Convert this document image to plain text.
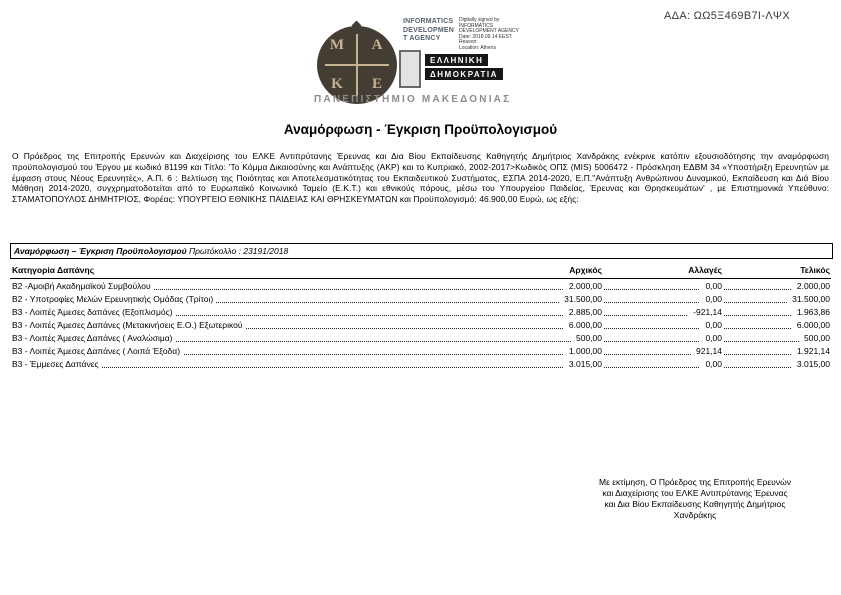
ΑΔΑ: ΩΩ5Ξ469Β7Ι-ΛΨΧ
Μ	Α
Κ	Ε
ΕΛΛΗΝΙΚΗ
ΔΗΜΟΚΡΑΤΙΑ
ΠΑΝΕΠΙΣΤΗΜΙΟ ΜΑΚΕΔΟΝΙΑΣ
INFORMATICS
DEVELOPMEN
T AGENCY
Digitally signed by
INFORMATICS
DEVELOPMENT AGENCY
Date: 2018.09.14 EEST
Reason:
Location: Athens
Αναμόρφωση - Έγκριση Προϋπολογισμού

Ο Πρόεδρος της Επιτροπής Ερευνών και Διαχείρισης του ΕΛΚΕ Αντιπρύτανης Έρευνας και Δια Βίου Εκπαίδευσης Καθηγητής Δημήτριος Χανδράκης ενέκρινε κατόπιν εξουσιοδότησης την αναμόρφωση προϋπολογισμού του Έργου με κωδικό 81199 και Τίτλο: 'Το Κόμμα Δικαιοσύνης και Ανάπτυξης (ΑΚΡ) και το Κυπριακό, 2002-2017>Κωδικός ΟΠΣ (MIS) 5006472 - Πρόσκληση ΕΔΒΜ 34 «Υποστήριξη Ερευνητών με έμφαση στους Νέους Ερευνητές», Α.Π. 6 : Βελτίωση της Ποιότητας και Αποτελεσματικότητας του Εκπαιδευτικού Συστήματος, ΕΣΠΑ 2014-2020, Ε.Π."Ανάπτυξη Ανθρώπινου Δυναμικού, Εκπαίδευση και Διά Βίου Μάθηση 2014-2020, συγχρηματοδοτείται από το Ευρωπαϊκό Κοινωνικό Ταμείο (Ε.Κ.Τ.) και εθνικούς πόρους, μέσω του Υπουργείου Παιδείας, Έρευνας και Θρησκευμάτων' , με Επιστημονικά Υπεύθυνο: ΣΤΑΜΑΤΟΠΟΥΛΟΣ ΔΗΜΗΤΡΙΟΣ, Φορέας: ΥΠΟΥΡΓΕΙΟ ΕΘΝΙΚΗΣ ΠΑΙΔΕΙΑΣ ΚΑΙ ΘΡΗΣΚΕΥΜΑΤΩΝ και Προϋπολογισμό: 46.900,00 Ευρώ, ως εξής:

Αναμόρφωση – Έγκριση Προϋπολογισμού Πρωτόκολλο : 23191/2018
Κατηγορία Δαπάνης	Αρχικός	Αλλαγές	Τελικός
Β2 -Αμοιβή Ακαδημαϊκού Συμβούλου	2.000,00	0,00	2.000,00
Β2 - Υποτροφίες Μελών Ερευνητικής Ομάδας (Τρίτοι)	31.500,00	0,00	31.500,00
Β3 - Λοιπές Άμεσες δαπάνες (Εξοπλισμός)	2.885,00	-921,14	1.963,86
Β3 - Λοιπές Άμεσες Δαπάνες (Μετακινήσεις Ε.Ο.) Εξωτερικού	6.000,00	0,00	6.000,00
Β3 - Λοιπές Άμεσες Δαπάνες ( Αναλώσιμα)	500,00	0,00	500,00
Β3 - Λοιπές Άμεσες Δαπάνες ( Λοιπά Έξοδα)	1.000,00	921,14	1.921,14
Β3 - Έμμεσες Δαπάνες	3.015,00	0,00	3.015,00
Με εκτίμηση, Ο Πρόεδρος της Επιτροπής Ερευνών
και Διαχείρισης του ΕΛΚΕ Αντιπρύτανης Έρευνας
και Δια Βίου Εκπαίδευσης Καθηγητής Δημήτριος
Χανδράκης
